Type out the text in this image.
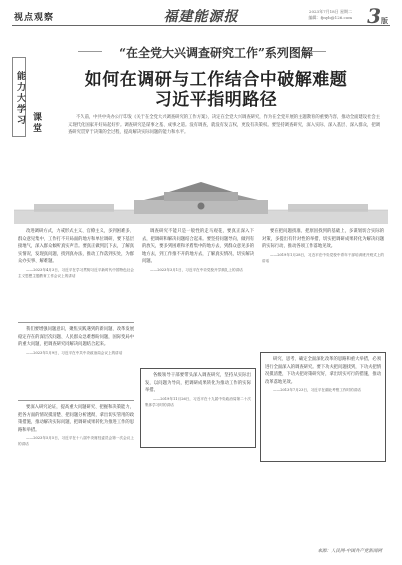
视点观察	福建能源报	2023年7月18日 星期二
编辑：fjnyb@126.com 3版
能力大学习 课堂
“在全党大兴调查研究工作”系列图解
如何在调研与工作结合中破解难题
习近平指明路径
不久前，中共中央办公厅印发《关于在全党大兴调查研究的工作方案》，决定在全党大兴调查研究，作为在全党开展的主题教育的重要内容，推动全面建设社会主义现代化国家开好局起好步。调查研究是谋事之基、成事之道。没有调查，就没有发言权，更没有决策权。要坚持调查研究，深入实际、深入基层、深入群众，把调查研究贯穿于决策的全过程，提高解决实际问题的能力和水平。

改进调研方式，力戒形式主义、官僚主义，多到困难多、群众意见集中、工作打不开局面的地方和单位调研，要下基层接地气，深入群众倾听真实声音。要真正做到沉下去，了解真实情况，发现真问题，找到真办法，推动工作落到实处，为群众办实事、解难题。

——2023年4月3日，习近平在学习贯彻习近平新时代中国特色社会主义思想主题教育工作会议上的讲话

我们要增强问题意识，聚焦实践遇到的新问题、改革发展稳定存在的深层次问题、人民群众急难愁盼问题，国际变局中的重大问题，把调查研究同解决问题结合起来。

——2023年1月9日，习近平在中共中央政治局会议上的讲话

要深入研究论证，提高重大问题研究、把握和决策能力，把各方面的情况摸清楚、把问题分析透彻，拿出切实管用的政策措施，推动解决实际问题，把调研成果转化为推进工作的思路和举措。

——2023年5月5日，习近平在十八届中央财经委员会第一次会议上的讲话

调查研究不能只是一般性的走马观花，要真正深入下去，把调研和解决问题结合起来。要坚持问题导向，做到有的放矢，要多到困难和矛盾集中的地方去，到群众意见多的地方去，到工作推不开的地方去，了解真实情况，切实解决问题。

——2023年3月1日，习近平在中央党校开学典礼上的讲话

各级领导干部要带头深入调查研究，坚持从实际出发，以问题为导向，把调研成果转化为推动工作的实际举措。

——2019年11月26日，习近平在十九届中央政治局第二十次集体学习时的讲话

要在把问题找准、把原因找到的基础上，多谋划切合实际的对策，多提出有针对性的举措，切实把调研成果转化为解决问题的实际行动，推动各项工作落地见效。

——2019年1月28日，习近平在中央党校中青年干部培训班开班式上的讲话

研究、思考、确定全面深化改革的思路和重大举措，必须进行全面深入的调查研究。要下功夫把问题找到，下功夫把情况摸清楚，下功夫把对策研究好，拿出切实可行的措施，推动改革落地见效。

——2013年7月23日，习近平在湖北考察工作时的讲话
来源：人民网-中国共产党新闻网
